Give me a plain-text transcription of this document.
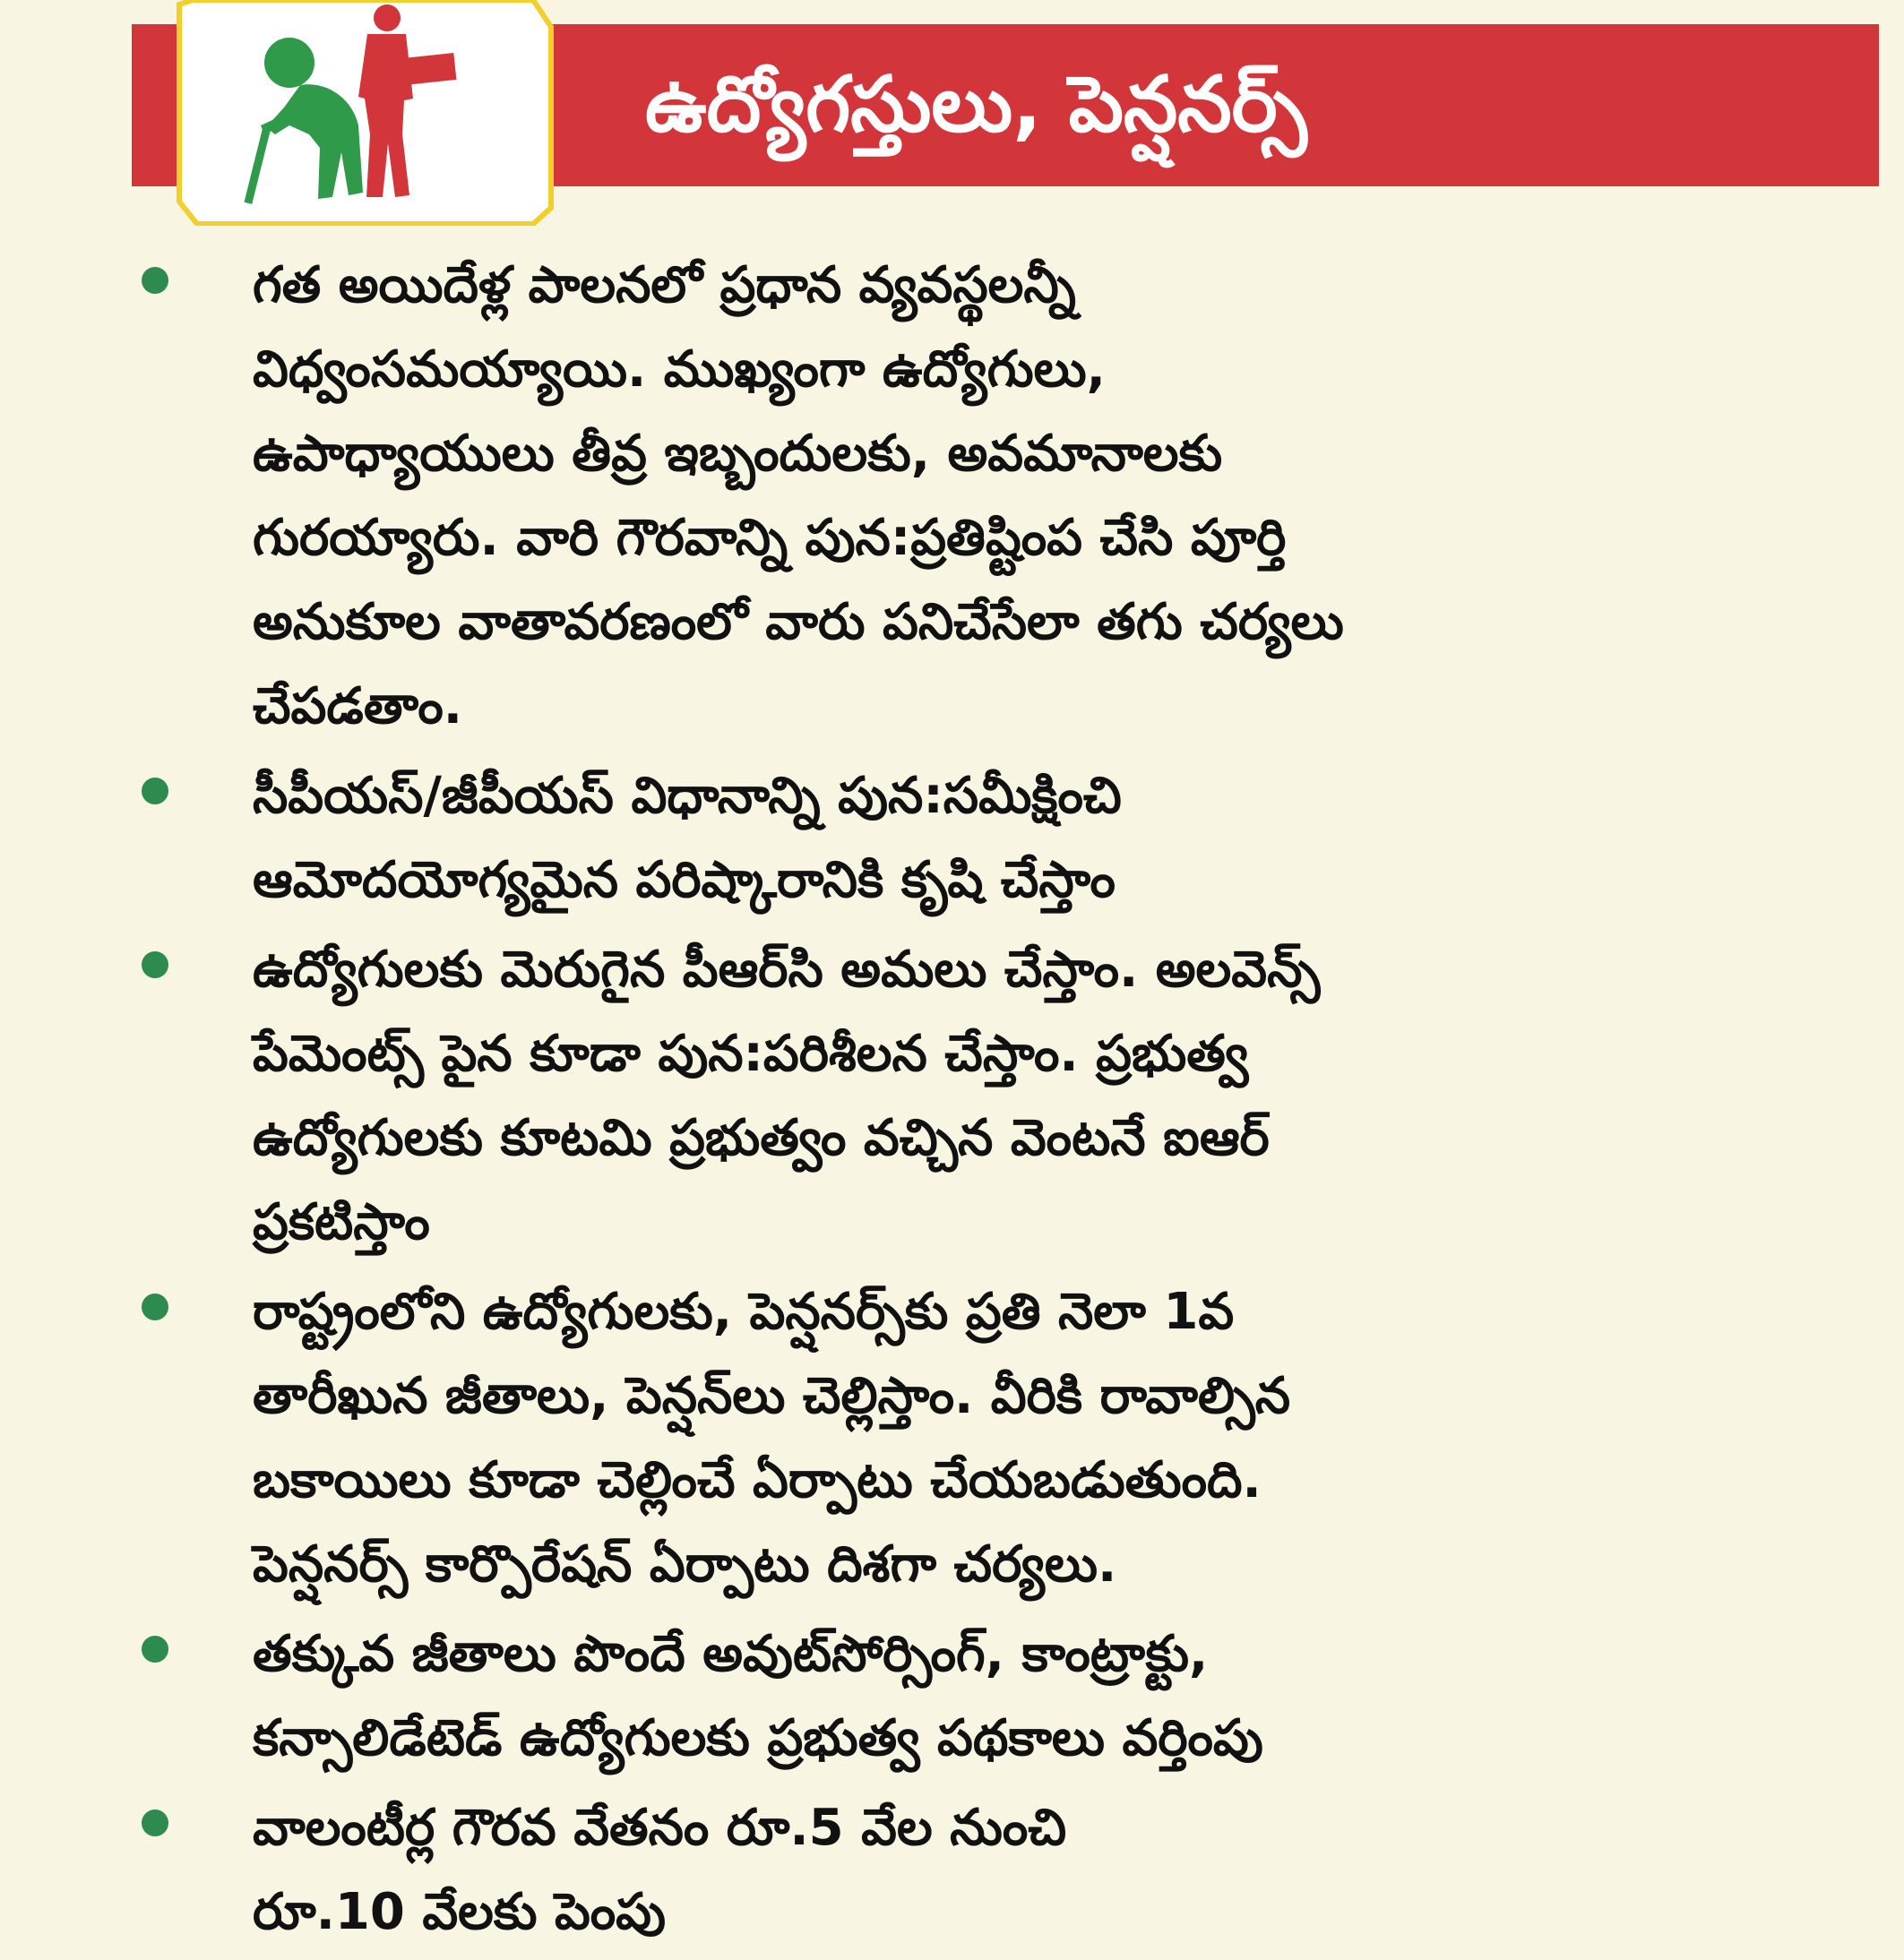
ఉద్యోగస్తులు, పెన్షనర్స్
గత అయిదేళ్ల పాలనలో ప్రధాన వ్యవస్థలన్నీ
విధ్వంసమయ్యాయి. ముఖ్యంగా ఉద్యోగులు,
ఉపాధ్యాయులు తీవ్ర ఇబ్బందులకు, అవమానాలకు
గురయ్యారు. వారి గౌరవాన్ని పున:ప్రతిష్టింప చేసి పూర్తి
అనుకూల వాతావరణంలో వారు పనిచేసేలా తగు చర్యలు
చేపడతాం.
సీపీయస్/జీపీయస్ విధానాన్ని పున:సమీక్షించి
ఆమోదయోగ్యమైన పరిష్కారానికి కృషి చేస్తాం
ఉద్యోగులకు మెరుగైన పీఆర్‌సి అమలు చేస్తాం. అలవెన్స్
పేమెంట్స్ పైన కూడా పున:పరిశీలన చేస్తాం. ప్రభుత్వ
ఉద్యోగులకు కూటమి ప్రభుత్వం వచ్చిన వెంటనే ఐఆర్
ప్రకటిస్తాం
రాష్ట్రంలోని ఉద్యోగులకు, పెన్షనర్స్‌కు ప్రతి నెలా 1వ
తారీఖున జీతాలు, పెన్షన్‌లు చెల్లిస్తాం. వీరికి రావాల్సిన
బకాయిలు కూడా చెల్లించే ఏర్పాటు చేయబడుతుంది.
పెన్షనర్స్ కార్పొరేషన్ ఏర్పాటు దిశగా చర్యలు.
తక్కువ జీతాలు పొందే అవుట్‌సోర్సింగ్, కాంట్రాక్టు,
కన్సాలిడేటెడ్ ఉద్యోగులకు ప్రభుత్వ పథకాలు వర్తింపు
వాలంటీర్ల గౌరవ వేతనం రూ.5 వేల నుంచి
రూ.10 వేలకు పెంపు
